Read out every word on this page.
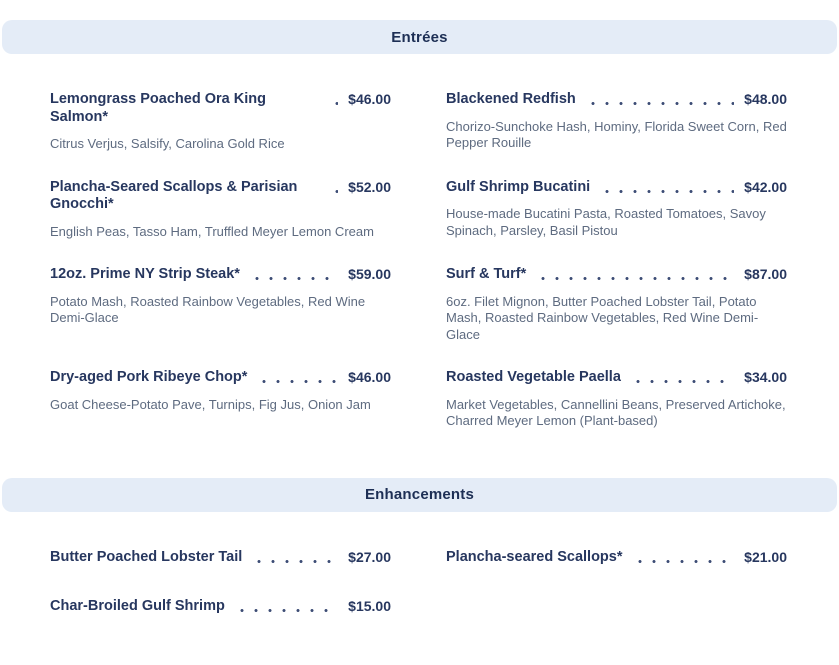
Entrées
Lemongrass Poached Ora King Salmon*
$46.00
Citrus Verjus, Salsify, Carolina Gold Rice
Blackened Redfish	$48.00
Chorizo-Sunchoke Hash, Hominy, Florida Sweet Corn, Red Pepper Rouille
Plancha-Seared Scallops & Parisian Gnocchi*
$52.00
English Peas, Tasso Ham, Truffled Meyer Lemon Cream
Gulf Shrimp Bucatini	$42.00
House-made Bucatini Pasta, Roasted Tomatoes, Savoy Spinach, Parsley, Basil Pistou
12oz. Prime NY Strip Steak*	$59.00
Potato Mash, Roasted Rainbow Vegetables, Red Wine Demi-Glace
Surf & Turf*	$87.00
6oz. Filet Mignon, Butter Poached Lobster Tail, Potato Mash, Roasted Rainbow Vegetables, Red Wine Demi-Glace
Dry-aged Pork Ribeye Chop*	$46.00
Goat Cheese-Potato Pave, Turnips, Fig Jus, Onion Jam
Roasted Vegetable Paella	$34.00
Market Vegetables, Cannellini Beans, Preserved Artichoke, Charred Meyer Lemon (Plant-based)
Enhancements
Butter Poached Lobster Tail	$27.00	Plancha-seared Scallops*	$21.00
Char-Broiled Gulf Shrimp	$15.00
